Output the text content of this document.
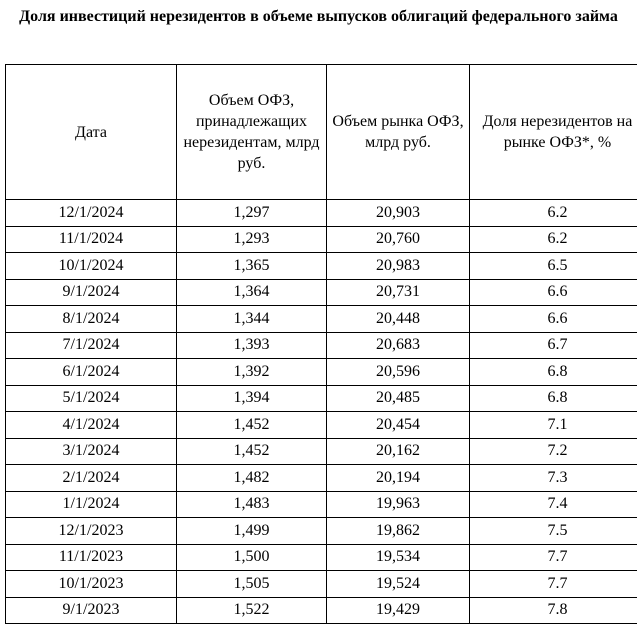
Доля инвестиций нерезидентов в объеме выпусков облигаций федерального займа
Дата	Объем ОФЗ, принадлежащих нерезидентам, млрд руб.	Объем рынка ОФЗ, млрд руб.	Доля нерезидентов на рынке ОФЗ*, %
12/1/2024	1,297	20,903	6.2
11/1/2024	1,293	20,760	6.2
10/1/2024	1,365	20,983	6.5
9/1/2024	1,364	20,731	6.6
8/1/2024	1,344	20,448	6.6
7/1/2024	1,393	20,683	6.7
6/1/2024	1,392	20,596	6.8
5/1/2024	1,394	20,485	6.8
4/1/2024	1,452	20,454	7.1
3/1/2024	1,452	20,162	7.2
2/1/2024	1,482	20,194	7.3
1/1/2024	1,483	19,963	7.4
12/1/2023	1,499	19,862	7.5
11/1/2023	1,500	19,534	7.7
10/1/2023	1,505	19,524	7.7
9/1/2023	1,522	19,429	7.8
